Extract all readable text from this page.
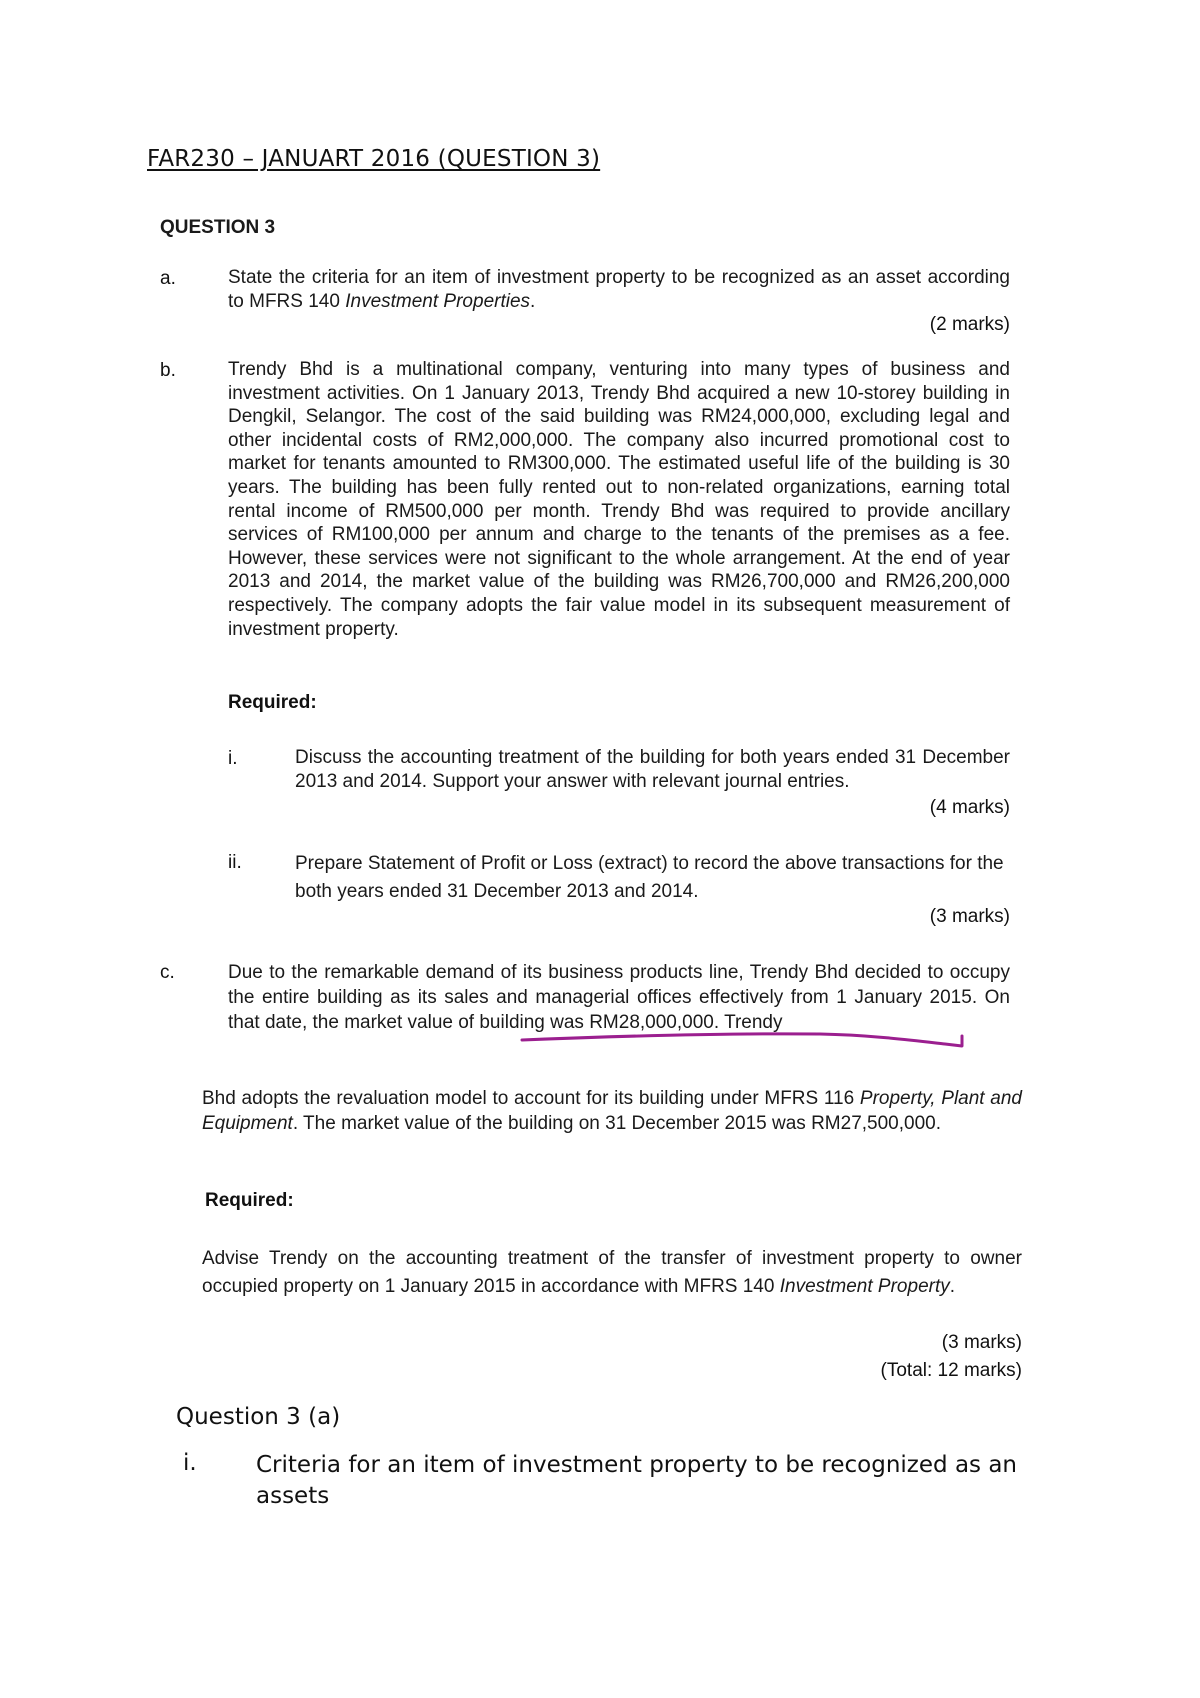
FAR230 – JANUART 2016 (QUESTION 3)
QUESTION 3
a.	State the criteria for an item of investment property to be recognized as an asset according to MFRS 140 Investment Properties.
(2 marks)
b.	Trendy Bhd is a multinational company, venturing into many types of business and investment activities. On 1 January 2013, Trendy Bhd acquired a new 10-storey building in Dengkil, Selangor. The cost of the said building was RM24,000,000, excluding legal and other incidental costs of RM2,000,000. The company also incurred promotional cost to market for tenants amounted to RM300,000. The estimated useful life of the building is 30 years. The building has been fully rented out to non-related organizations, earning total rental income of RM500,000 per month. Trendy Bhd was required to provide ancillary services of RM100,000 per annum and charge to the tenants of the premises as a fee. However, these services were not significant to the whole arrangement. At the end of year 2013 and 2014, the market value of the building was RM26,700,000 and RM26,200,000 respectively. The company adopts the fair value model in its subsequent measurement of investment property.
Required:
i.	Discuss the accounting treatment of the building for both years ended 31 December 2013 and 2014. Support your answer with relevant journal entries.
(4 marks)
ii.	Prepare Statement of Profit or Loss (extract) to record the above transactions for the both years ended 31 December 2013 and 2014.
(3 marks)
c.	Due to the remarkable demand of its business products line, Trendy Bhd decided to occupy the entire building as its sales and managerial offices effectively from 1 January 2015. On that date, the market value of building was RM28,000,000. Trendy
Bhd adopts the revaluation model to account for its building under MFRS 116 Property, Plant and Equipment. The market value of the building on 31 December 2015 was RM27,500,000.
Required:
Advise Trendy on the accounting treatment of the transfer of investment property to owner occupied property on 1 January 2015 in accordance with MFRS 140 Investment Property.
(3 marks)
(Total: 12 marks)
Question 3 (a)
i.	Criteria for an item of investment property to be recognized as an assets
